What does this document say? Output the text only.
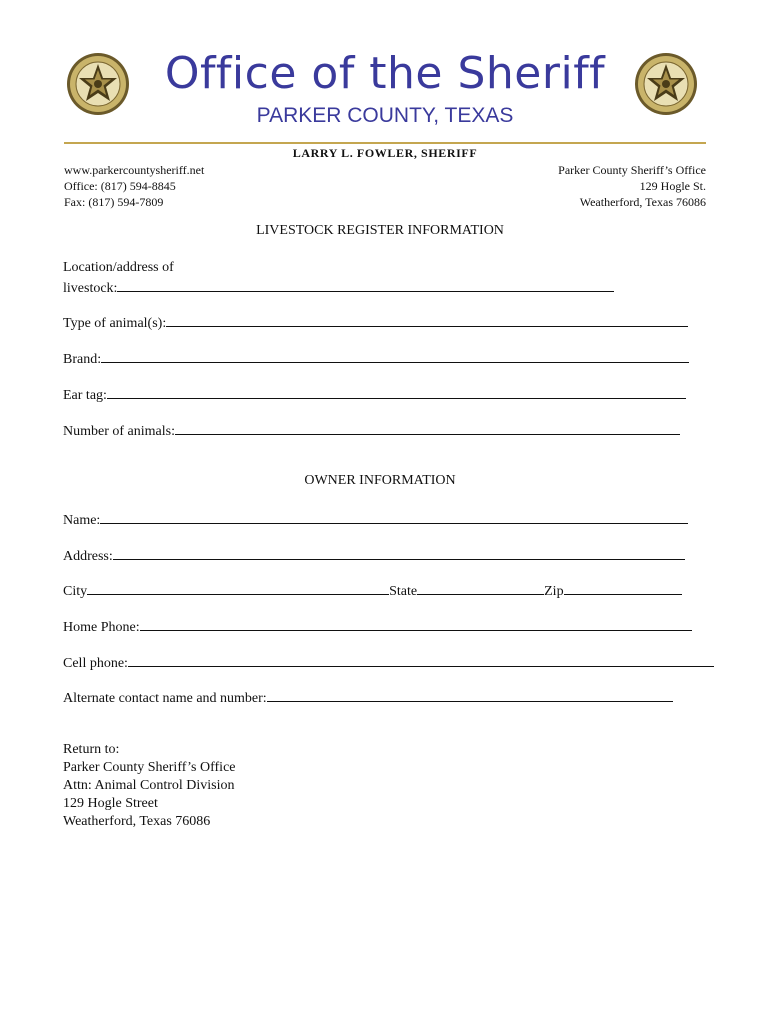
Office of the Sheriff
PARKER COUNTY, TEXAS
LARRY L. FOWLER, SHERIFF
www.parkercountysheriff.net
Office: (817) 594-8845
Fax: (817) 594-7809
Parker County Sheriff’s Office
129 Hogle St.
Weatherford, Texas 76086
LIVESTOCK REGISTER INFORMATION
Location/address of
livestock:
Type of animal(s):
Brand:
Ear tag:
Number of animals:
OWNER INFORMATION
Name:
Address:
City	State	Zip
Home Phone:
Cell phone:
Alternate contact name and number:
Return to:
Parker County Sheriff’s Office
Attn: Animal Control Division
129 Hogle Street
Weatherford, Texas 76086
